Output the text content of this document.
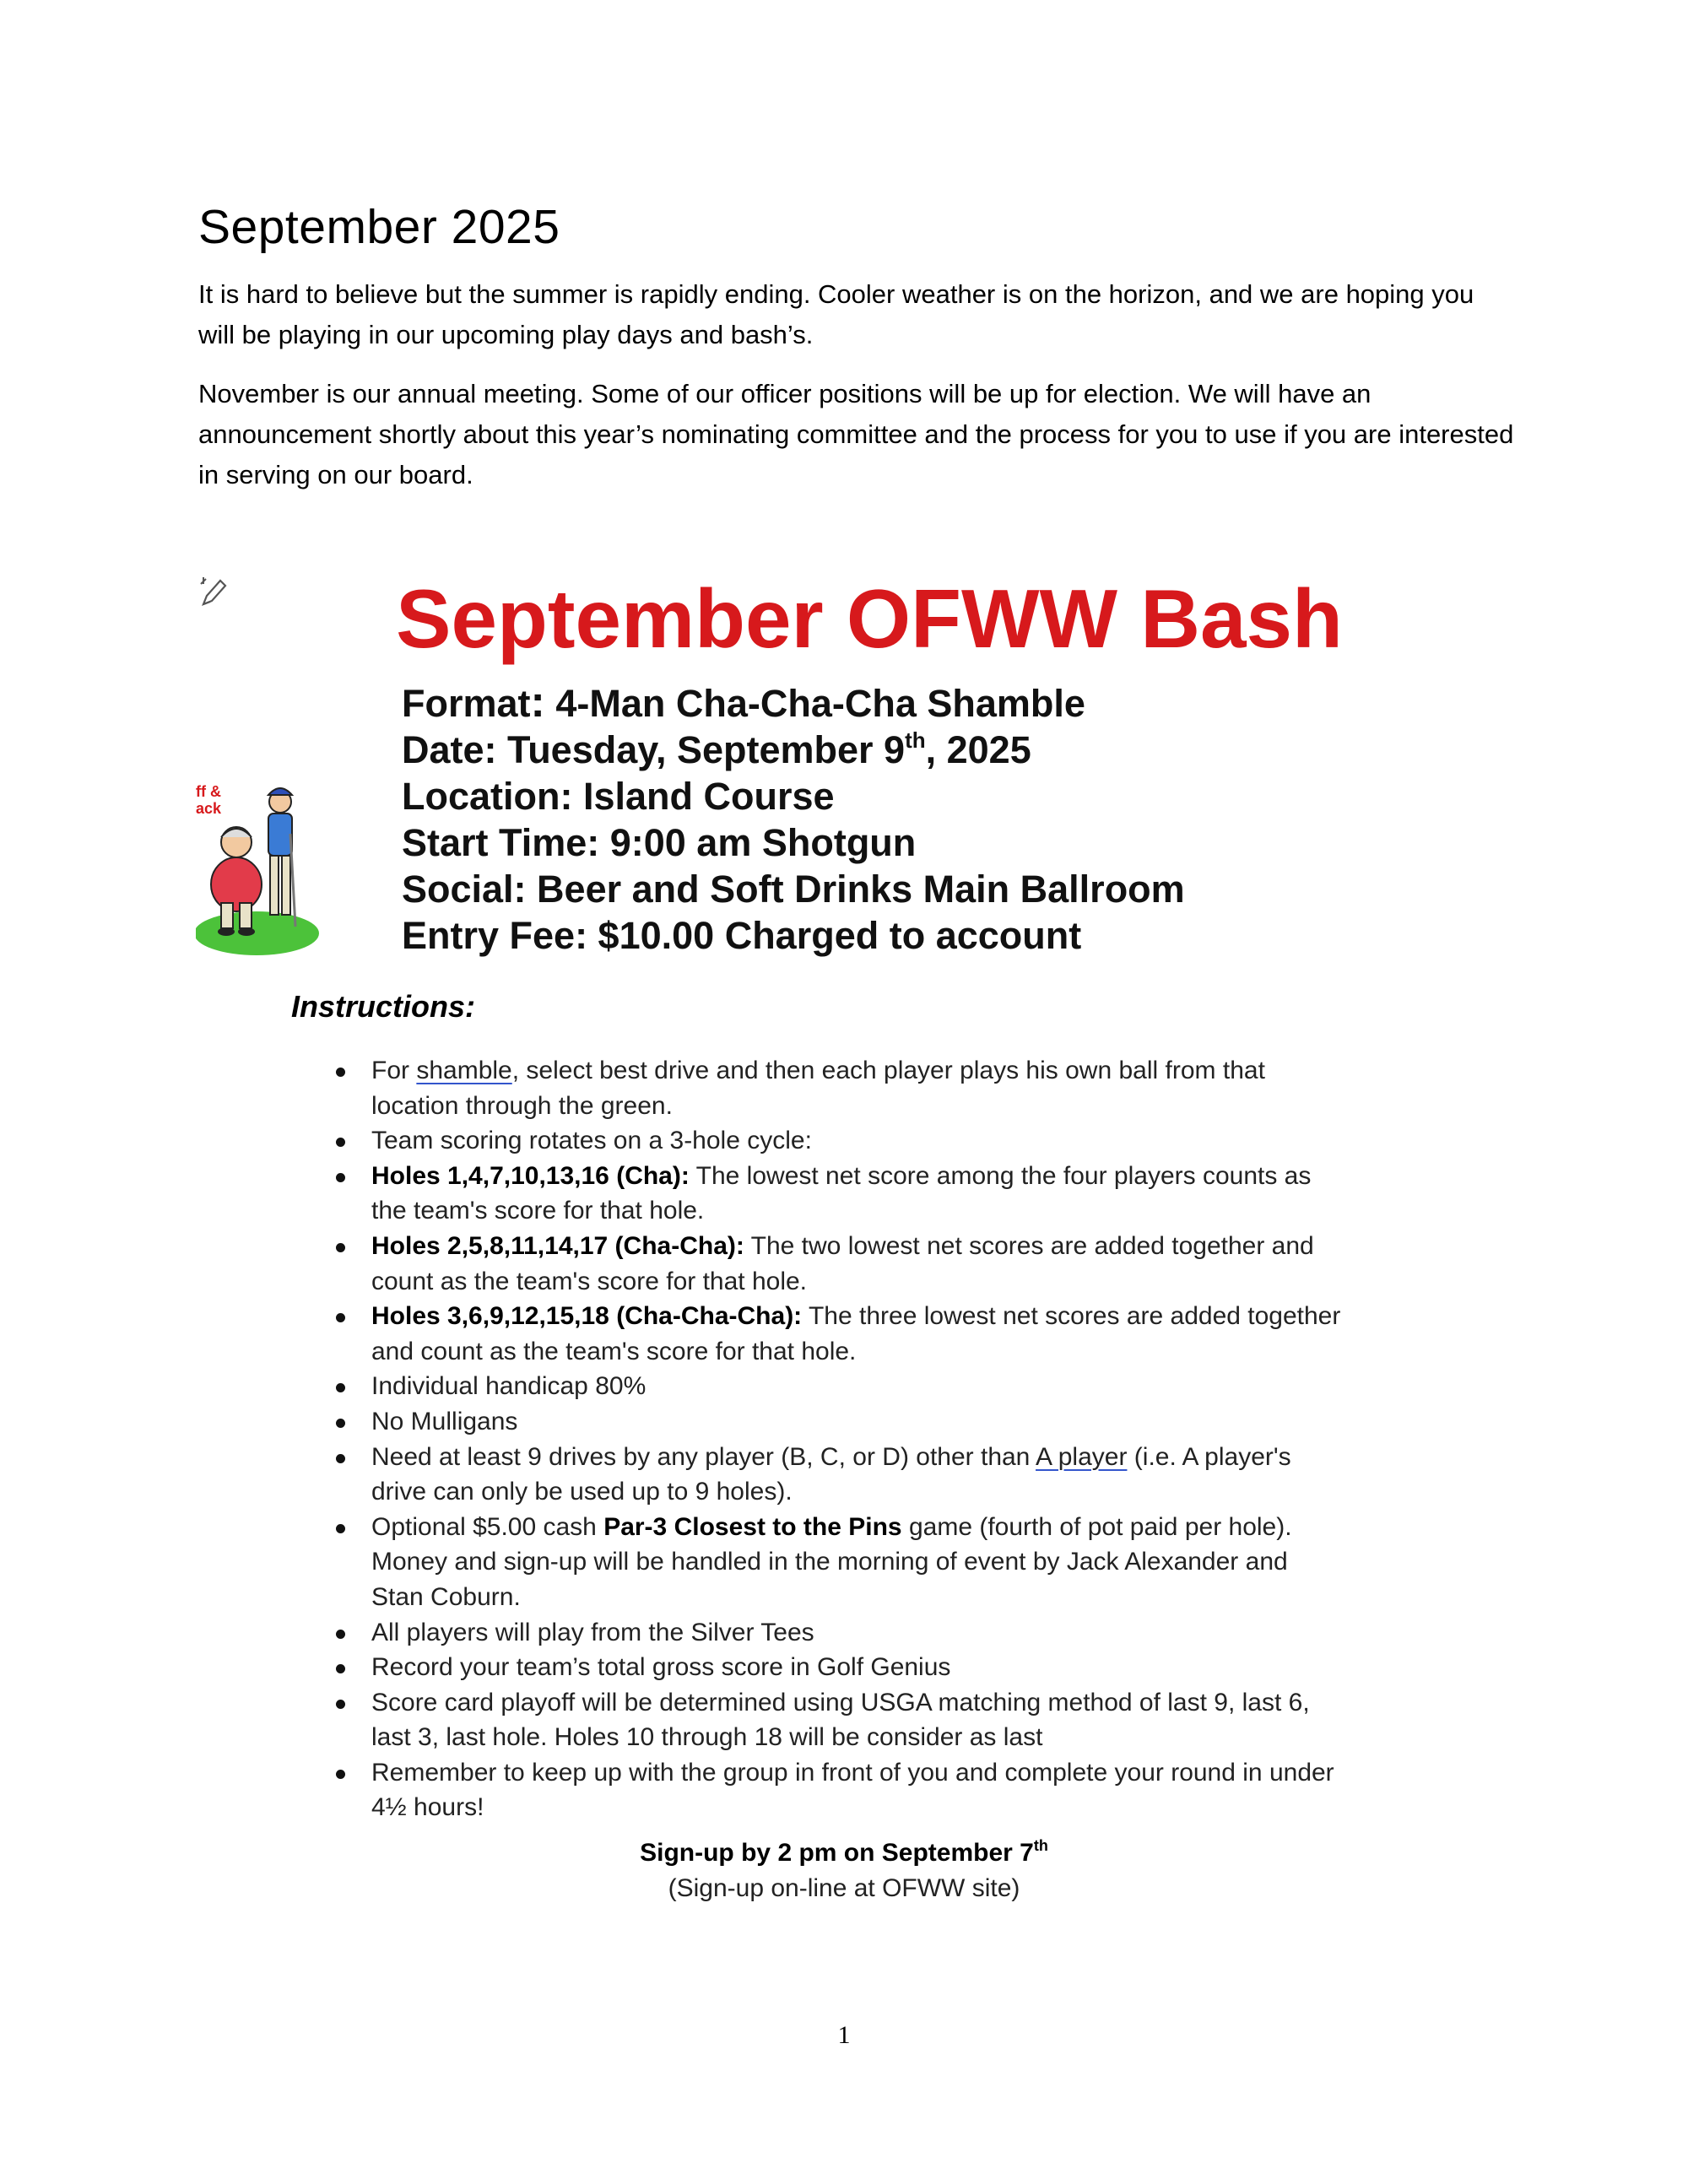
September 2025

It is hard to believe but the summer is rapidly ending. Cooler weather is on the horizon, and we are hoping you will be playing in our upcoming play days and bash’s.

November is our annual meeting. Some of our officer positions will be up for election. We will have an announcement shortly about this year’s nominating committee and the process for you to use if you are interested in serving on our board.

September OFWW Bash
Format: 4-Man Cha-Cha-Cha Shamble
Date: Tuesday, September 9th, 2025
Location: Island Course
Start Time: 9:00 am Shotgun
Social: Beer and Soft Drinks Main Ballroom
Entry Fee: $10.00 Charged to account
ff &
ack
Instructions:
For shamble, select best drive and then each player plays his own ball from that location through the green.
Team scoring rotates on a 3-hole cycle:
Holes 1,4,7,10,13,16 (Cha): The lowest net score among the four players counts as the team's score for that hole.
Holes 2,5,8,11,14,17 (Cha-Cha): The two lowest net scores are added together and count as the team's score for that hole.
Holes 3,6,9,12,15,18 (Cha-Cha-Cha): The three lowest net scores are added together and count as the team's score for that hole.
Individual handicap 80%
No Mulligans
Need at least 9 drives by any player (B, C, or D) other than A player (i.e. A player's drive can only be used up to 9 holes).
Optional $5.00 cash Par-3 Closest to the Pins game (fourth of pot paid per hole). Money and sign-up will be handled in the morning of event by Jack Alexander and Stan Coburn.
All players will play from the Silver Tees
Record your team’s total gross score in Golf Genius
Score card playoff will be determined using USGA matching method of last 9, last 6, last 3, last hole. Holes 10 through 18 will be consider as last
Remember to keep up with the group in front of you and complete your round in under 4½ hours!
Sign-up by 2 pm on September 7th
(Sign-up on-line at OFWW site)
1
